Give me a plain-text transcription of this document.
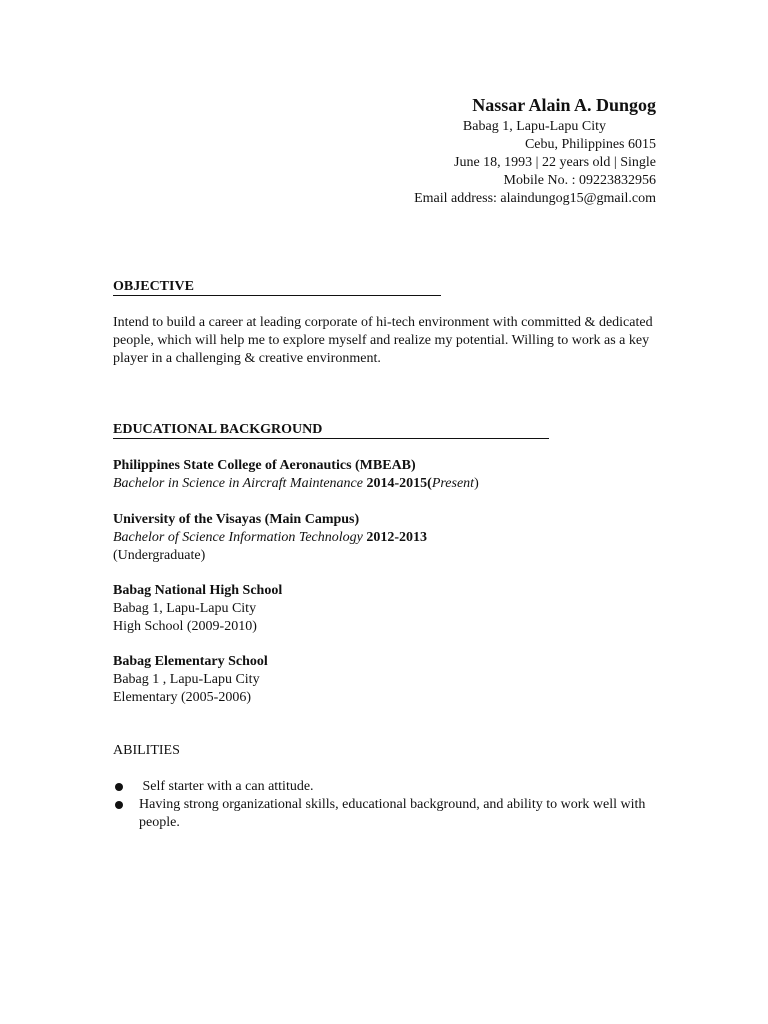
Nassar Alain A. Dungog
Babag 1, Lapu-Lapu City
Cebu, Philippines 6015
June 18, 1993 | 22 years old | Single
Mobile No. : 09223832956
Email address: alaindungog15@gmail.com
OBJECTIVE
Intend to build a career at leading corporate of hi-tech environment with committed & dedicated people, which will help me to explore myself and realize my potential. Willing to work as a key player in a challenging & creative environment.
EDUCATIONAL BACKGROUND
Philippines State College of Aeronautics (MBEAB)
Bachelor in Science in Aircraft Maintenance 2014-2015(Present)
University of the Visayas (Main Campus)
Bachelor of Science Information Technology 2012-2013
(Undergraduate)
Babag National High School
Babag 1, Lapu-Lapu City
High School (2009-2010)
Babag Elementary School
Babag 1 , Lapu-Lapu City
Elementary (2005-2006)
ABILITIES
Self starter with a can attitude.
Having strong organizational skills, educational background, and ability to work well with people.
